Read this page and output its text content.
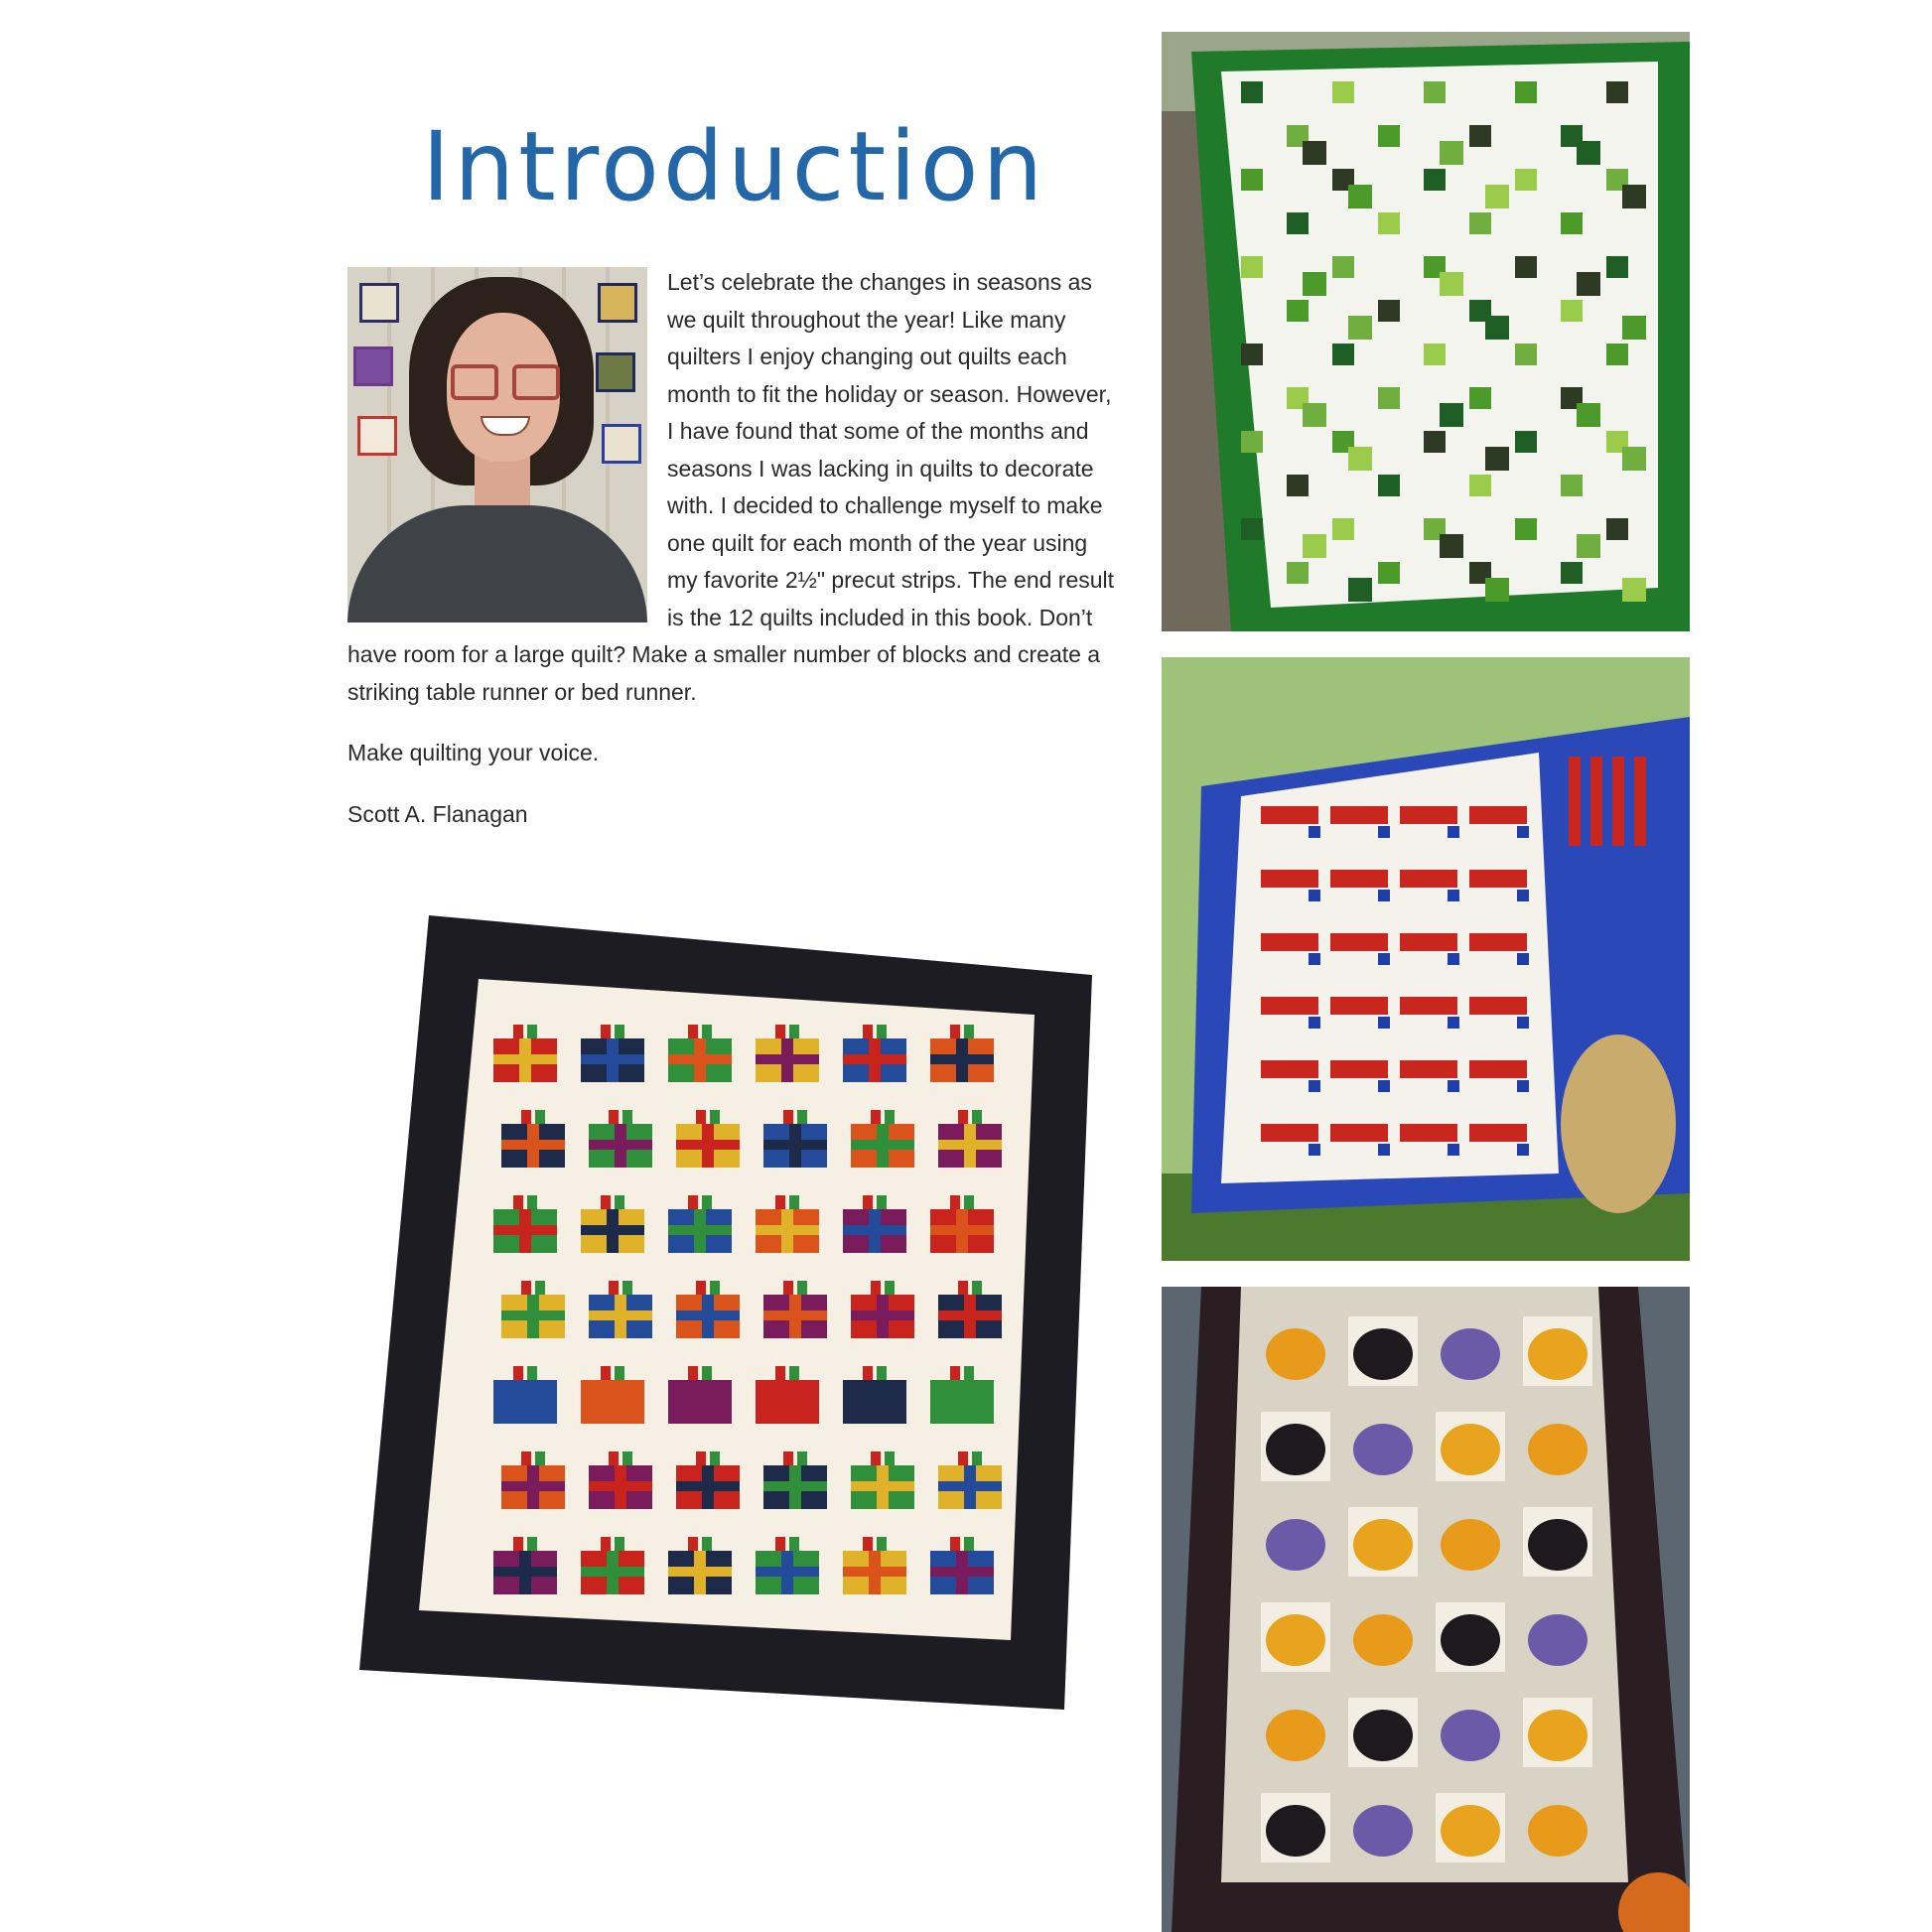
Introduction

Let’s celebrate the changes in seasons as we quilt throughout the year! Like many quilters I enjoy changing out quilts each month to fit the holiday or season. However, I have found that some of the months and seasons I was lacking in quilts to decorate with. I decided to challenge myself to make one quilt for each month of the year using my favorite 2½" precut strips. The end result is the 12 quilts included in this book. Don’t have room for a large quilt? Make a smaller number of blocks and create a striking table runner or bed runner.

Make quilting your voice.

Scott A. Flanagan
